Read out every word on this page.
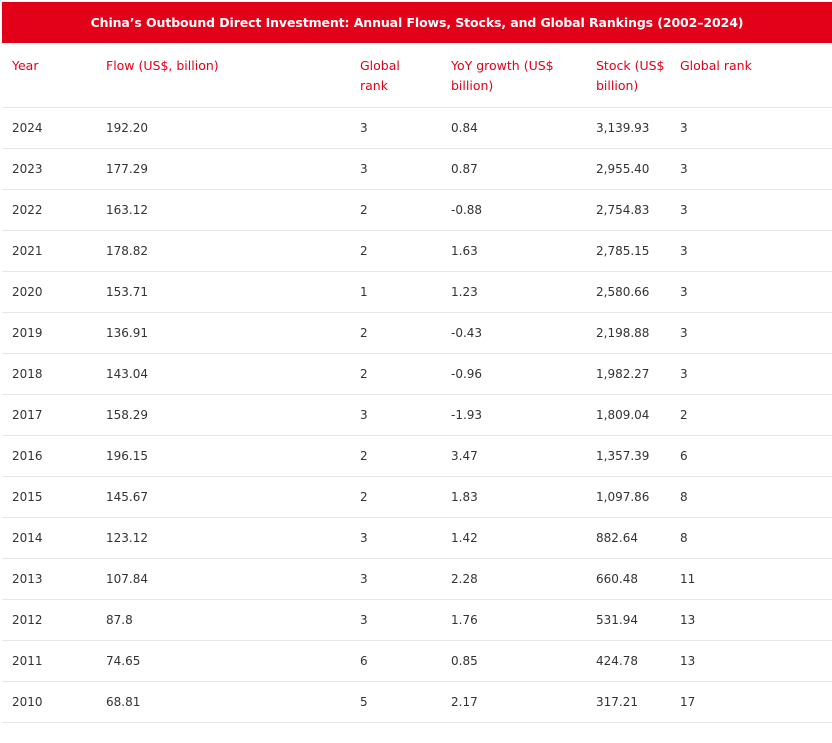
China’s Outbound Direct Investment: Annual Flows, Stocks, and Global Rankings (2002–2024)
Year	Flow (US$, billion)	Global rank	YoY growth (US$ billion)	Stock (US$ billion)	Global rank
2024	192.20	3	0.84	3,139.93	3
2023	177.29	3	0.87	2,955.40	3
2022	163.12	2	-0.88	2,754.83	3
2021	178.82	2	1.63	2,785.15	3
2020	153.71	1	1.23	2,580.66	3
2019	136.91	2	-0.43	2,198.88	3
2018	143.04	2	-0.96	1,982.27	3
2017	158.29	3	-1.93	1,809.04	2
2016	196.15	2	3.47	1,357.39	6
2015	145.67	2	1.83	1,097.86	8
2014	123.12	3	1.42	882.64	8
2013	107.84	3	2.28	660.48	11
2012	87.8	3	1.76	531.94	13
2011	74.65	6	0.85	424.78	13
2010	68.81	5	2.17	317.21	17
